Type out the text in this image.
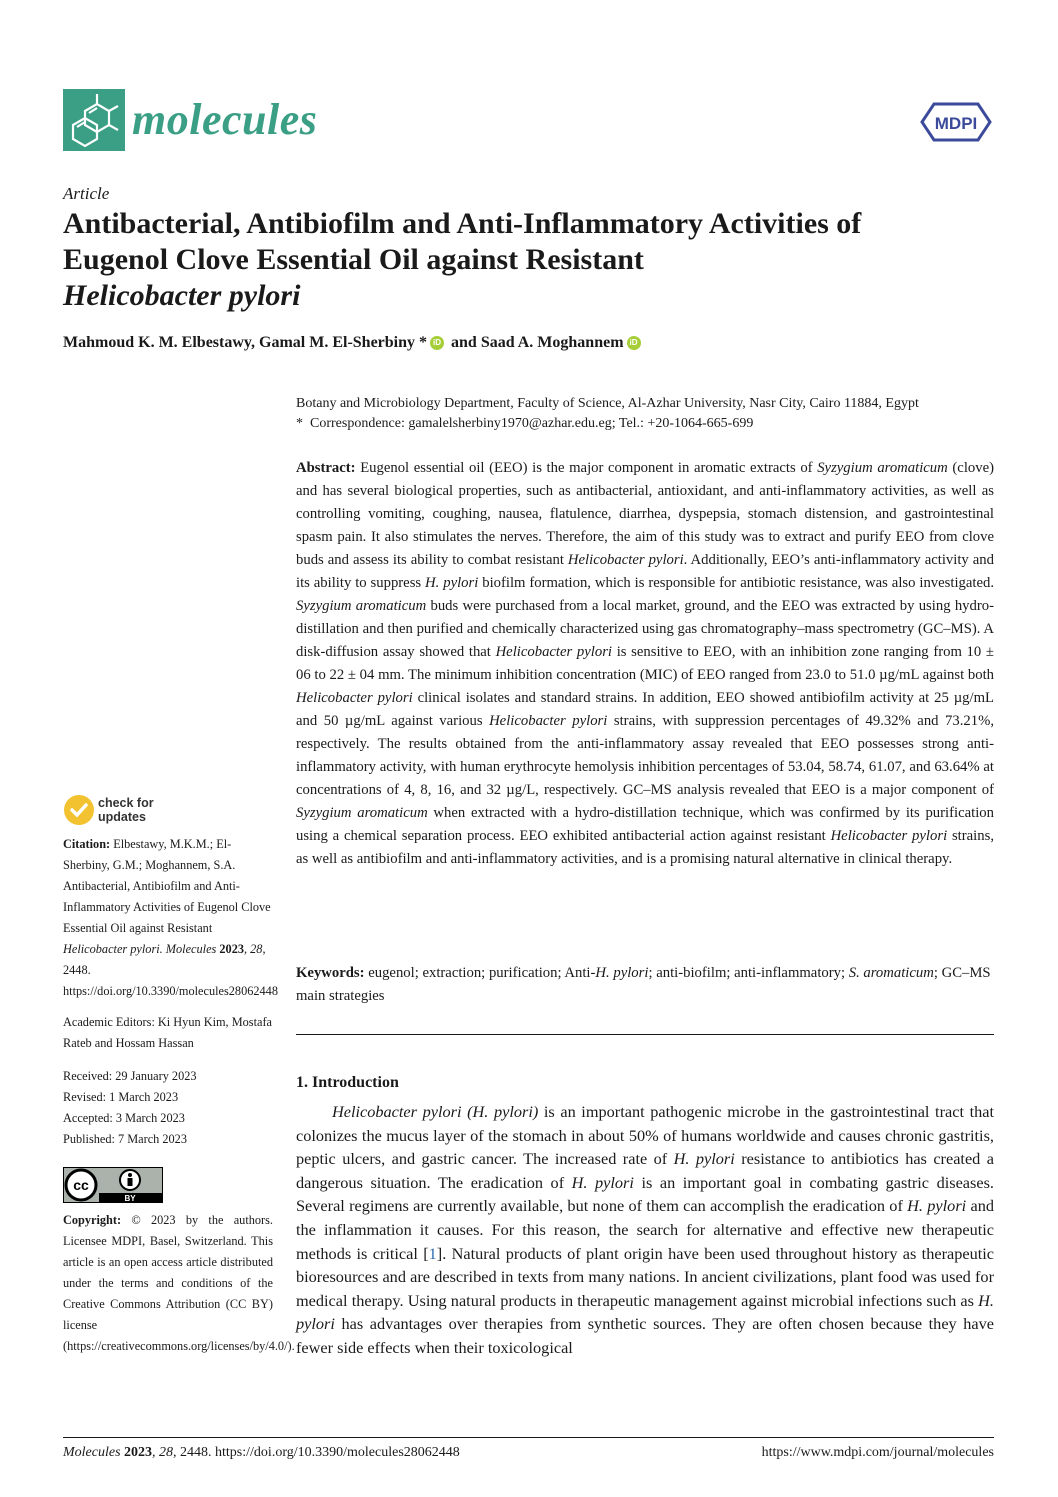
molecules	MDPI
Article
Antibacterial, Antibiofilm and Anti-Inflammatory Activities of
Eugenol Clove Essential Oil against Resistant
Helicobacter pylori
Mahmoud K. M. Elbestawy, Gamal M. El-Sherbiny * iD and Saad A. Moghannem iD
Botany and Microbiology Department, Faculty of Science, Al-Azhar University, Nasr City, Cairo 11884, Egypt
* Correspondence: gamalelsherbiny1970@azhar.edu.eg; Tel.: +20-1064-665-699
Abstract: Eugenol essential oil (EEO) is the major component in aromatic extracts of Syzygium aromaticum (clove) and has several biological properties, such as antibacterial, antioxidant, and anti-inflammatory activities, as well as controlling vomiting, coughing, nausea, flatulence, diarrhea, dyspepsia, stomach distension, and gastrointestinal spasm pain. It also stimulates the nerves. Therefore, the aim of this study was to extract and purify EEO from clove buds and assess its ability to combat resistant Helicobacter pylori. Additionally, EEO’s anti-inflammatory activity and its ability to suppress H. pylori biofilm formation, which is responsible for antibiotic resistance, was also investigated. Syzygium aromaticum buds were purchased from a local market, ground, and the EEO was extracted by using hydro-distillation and then purified and chemically characterized using gas chromatography–mass spectrometry (GC–MS). A disk-diffusion assay showed that Helicobacter pylori is sensitive to EEO, with an inhibition zone ranging from 10 ± 06 to 22 ± 04 mm. The minimum inhibition concentration (MIC) of EEO ranged from 23.0 to 51.0 µg/mL against both Helicobacter pylori clinical isolates and standard strains. In addition, EEO showed antibiofilm activity at 25 µg/mL and 50 µg/mL against various Helicobacter pylori strains, with suppression percentages of 49.32% and 73.21%, respectively. The results obtained from the anti-inflammatory assay revealed that EEO possesses strong anti-inflammatory activity, with human erythrocyte hemolysis inhibition percentages of 53.04, 58.74, 61.07, and 63.64% at concentrations of 4, 8, 16, and 32 µg/L, respectively. GC–MS analysis revealed that EEO is a major component of Syzygium aromaticum when extracted with a hydro-distillation technique, which was confirmed by its purification using a chemical separation process. EEO exhibited antibacterial action against resistant Helicobacter pylori strains, as well as antibiofilm and anti-inflammatory activities, and is a promising natural alternative in clinical therapy.
Keywords: eugenol; extraction; purification; Anti-H. pylori; anti-biofilm; anti-inflammatory; S. aromaticum; GC–MS main strategies
1. Introduction

Helicobacter pylori (H. pylori) is an important pathogenic microbe in the gastrointestinal tract that colonizes the mucus layer of the stomach in about 50% of humans worldwide and causes chronic gastritis, peptic ulcers, and gastric cancer. The increased rate of H. pylori resistance to antibiotics has created a dangerous situation. The eradication of H. pylori is an important goal in combating gastric diseases. Several regimens are currently available, but none of them can accomplish the eradication of H. pylori and the inflammation it causes. For this reason, the search for alternative and effective new therapeutic methods is critical [1]. Natural products of plant origin have been used throughout history as therapeutic bioresources and are described in texts from many nations. In ancient civilizations, plant food was used for medical therapy. Using natural products in therapeutic management against microbial infections such as H. pylori has advantages over therapies from synthetic sources. They are often chosen because they have fewer side effects when their toxicological

check for
updates
Citation: Elbestawy, M.K.M.; El-Sherbiny, G.M.; Moghannem, S.A. Antibacterial, Antibiofilm and Anti-Inflammatory Activities of Eugenol Clove Essential Oil against Resistant Helicobacter pylori. Molecules 2023, 28, 2448. https://doi.org/10.3390/molecules28062448
Academic Editors: Ki Hyun Kim, Mostafa Rateb and Hossam Hassan
Received: 29 January 2023
Revised: 1 March 2023
Accepted: 3 March 2023
Published: 7 March 2023
cc
BY
Copyright: © 2023 by the authors. Licensee MDPI, Basel, Switzerland. This article is an open access article distributed under the terms and conditions of the Creative Commons Attribution (CC BY) license (https://creativecommons.org/licenses/by/4.0/).
Molecules 2023, 28, 2448. https://doi.org/10.3390/molecules28062448	https://www.mdpi.com/journal/molecules
